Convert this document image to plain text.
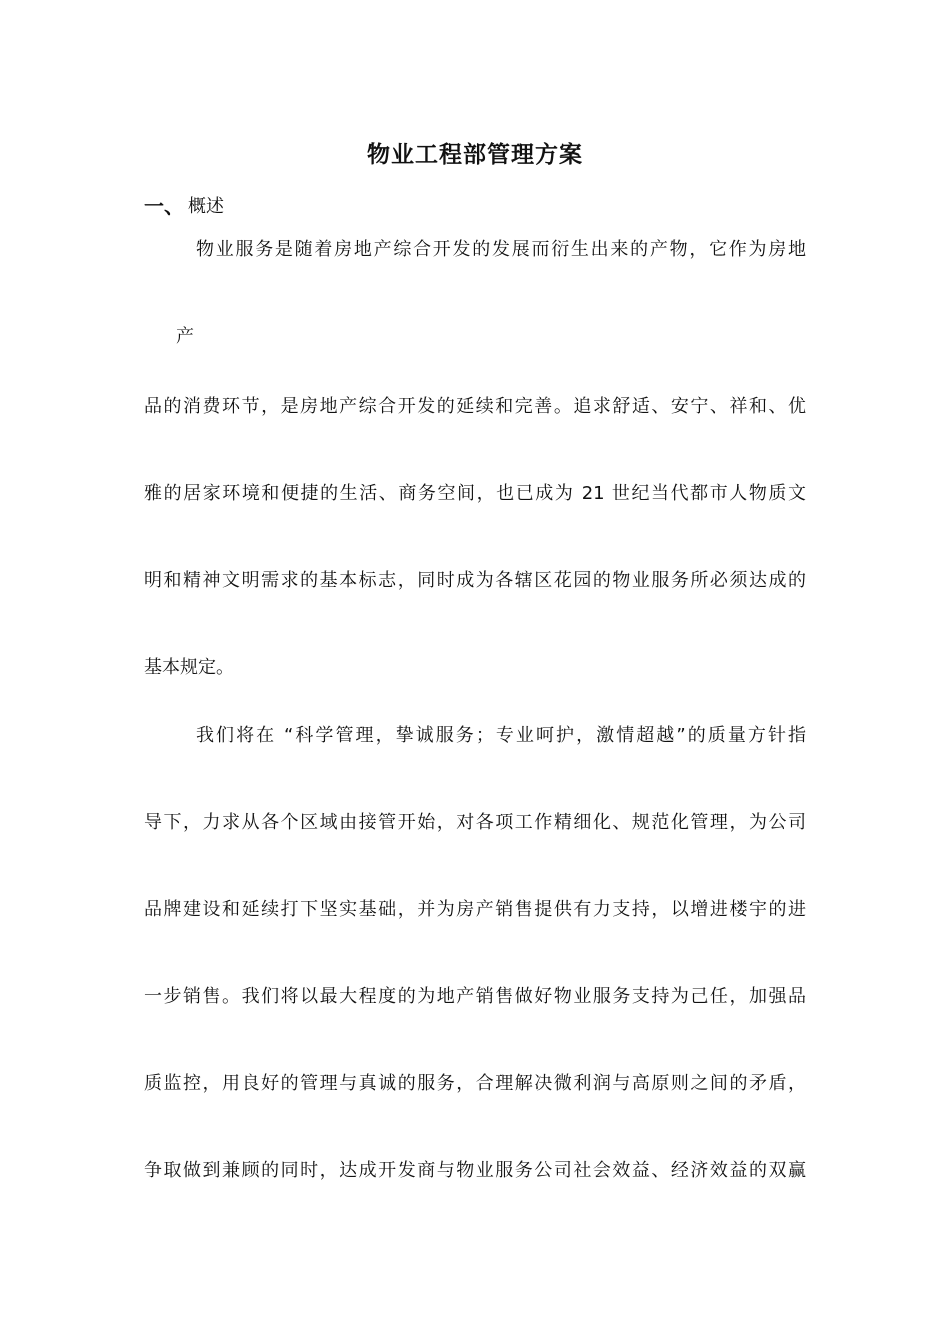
物业工程部管理方案
一、 概述
物业服务是随着房地产综合开发的发展而衍生出来的产物，它作为房地
产
品的消费环节，是房地产综合开发的延续和完善。追求舒适、安宁、祥和、优
雅的居家环境和便捷的生活、商务空间，也已成为 21 世纪当代都市人物质文
明和精神文明需求的基本标志，同时成为各辖区花园的物业服务所必须达成的
基本规定。
我们将在 “科学管理，挚诚服务；专业呵护，激情超越”的质量方针指
导下，力求从各个区域由接管开始，对各项工作精细化、规范化管理，为公司
品牌建设和延续打下坚实基础，并为房产销售提供有力支持，以增进楼宇的进
一步销售。我们将以最大程度的为地产销售做好物业服务支持为己任，加强品
质监控，用良好的管理与真诚的服务，合理解决微利润与高原则之间的矛盾，
争取做到兼顾的同时，达成开发商与物业服务公司社会效益、经济效益的双赢
